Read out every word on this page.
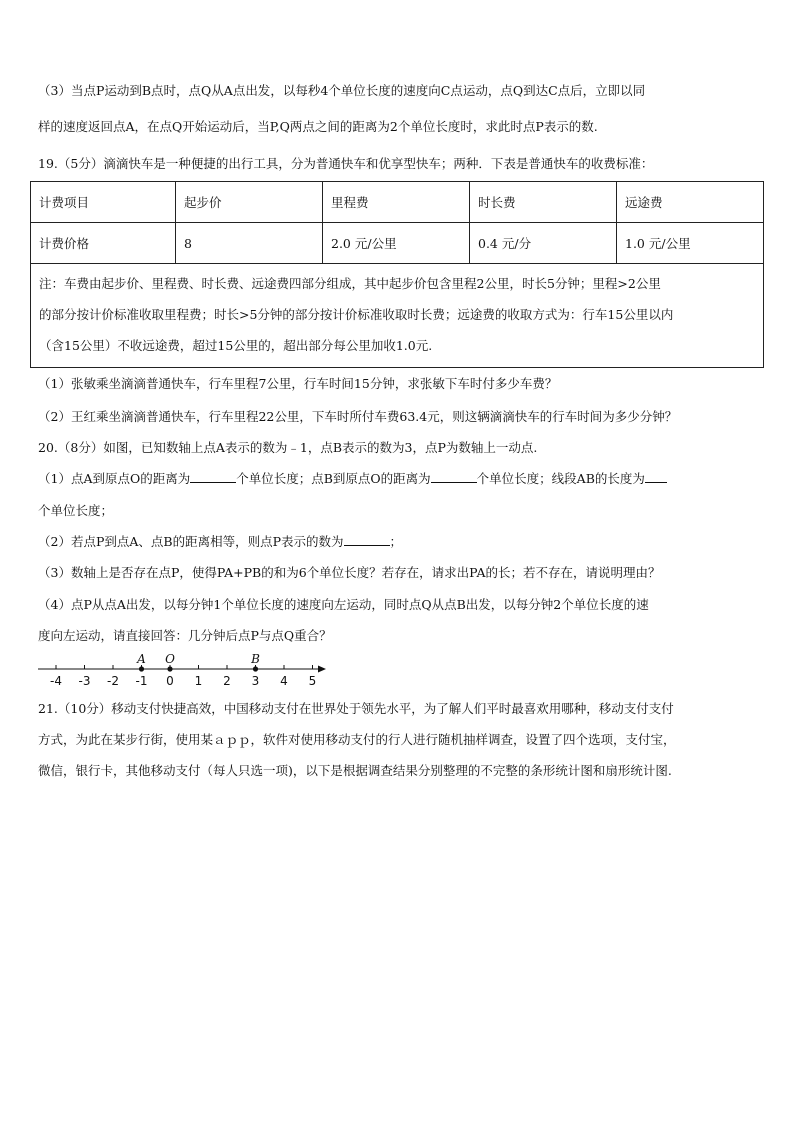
（3）当点P运动到B点时，点Q从A点出发，以每秒4个单位长度的速度向C点运动，点Q到达C点后，立即以同
样的速度返回点A，在点Q开始运动后，当P,Q两点之间的距离为2个单位长度时，求此时点P表示的数.
19.（5分）滴滴快车是一种便捷的出行工具，分为普通快车和优享型快车；两种．下表是普通快车的收费标准：
计费项目	起步价	里程费	时长费	远途费
计费价格	8	2.0 元/公里	0.4 元/分	1.0 元/公里

注：车费由起步价、里程费、时长费、远途费四部分组成，其中起步价包含里程2公里，时长5分钟；里程>2公里
的部分按计价标准收取里程费；时长>5分钟的部分按计价标准收取时长费；远途费的收取方式为：行车15公里以内
（含15公里）不收远途费，超过15公里的，超出部分每公里加收1.0元.				
（1）张敏乘坐滴滴普通快车，行车里程7公里，行车时间15分钟，求张敏下车时付多少车费？
（2）王红乘坐滴滴普通快车，行车里程22公里，下车时所付车费63.4元，则这辆滴滴快车的行车时间为多少分钟？
20.（8分）如图，已知数轴上点A表示的数为﹣1，点B表示的数为3，点P为数轴上一动点.
（1）点A到原点O的距离为	个单位长度；点B到原点O的距离为	个单位长度；线段AB的长度为
个单位长度；
（2）若点P到点A、点B的距离相等，则点P表示的数为	；
（3）数轴上是否存在点P，使得PA+PB的和为6个单位长度？若存在，请求出PA的长；若不存在，请说明理由？
（4）点P从点A出发，以每分钟1个单位长度的速度向左运动，同时点Q从点B出发，以每分钟2个单位长度的速
度向左运动，请直接回答：几分钟后点P与点Q重合？
-4 -3 -2 -1 0 1 2 3 4 5
A O	B
21.（10分）移动支付快捷高效，中国移动支付在世界处于领先水平，为了解人们平时最喜欢用哪种，移动支付支付
方式，为此在某步行街，使用某ａｐｐ，软件对使用移动支付的行人进行随机抽样调查，设置了四个选项，支付宝，
微信，银行卡，其他移动支付（每人只选一项)，以下是根据调查结果分别整理的不完整的条形统计图和扇形统计图.
